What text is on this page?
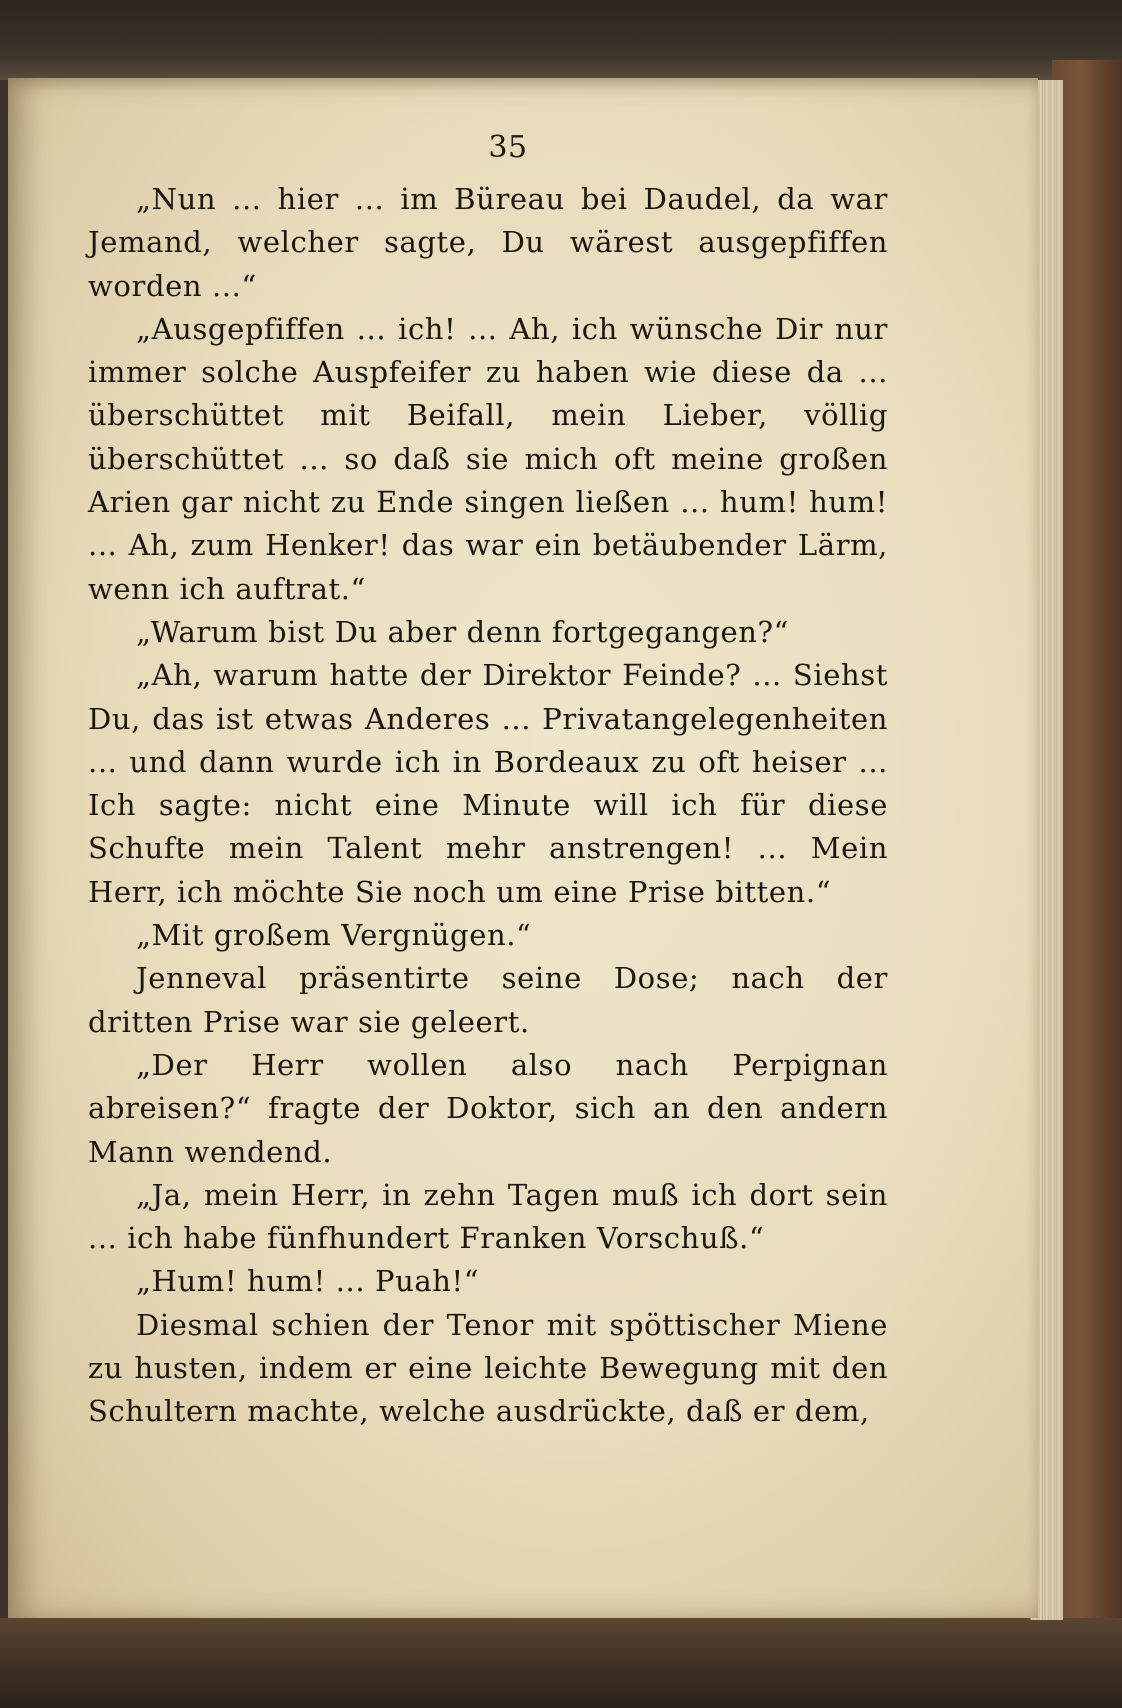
35

„Nun ... hier ... im Büreau bei Daudel, da war Jemand, welcher sagte, Du wärest ausgepfiffen worden ...“

„Ausgepfiffen ... ich! ... Ah, ich wünsche Dir nur immer solche Auspfeifer zu haben wie diese da ... überschüttet mit Beifall, mein Lieber, völlig überschüttet ... so daß sie mich oft meine großen Arien gar nicht zu Ende singen ließen ... hum! hum! ... Ah, zum Henker! das war ein betäubender Lärm, wenn ich auftrat.“

„Warum bist Du aber denn fortgegangen?“

„Ah, warum hatte der Direktor Feinde? ... Siehst Du, das ist etwas Anderes ... Privatangelegenheiten ... und dann wurde ich in Bordeaux zu oft heiser ... Ich sagte: nicht eine Minute will ich für diese Schufte mein Talent mehr anstrengen! ... Mein Herr, ich möchte Sie noch um eine Prise bitten.“

„Mit großem Vergnügen.“

Jenneval präsentirte seine Dose; nach der dritten Prise war sie geleert.

„Der Herr wollen also nach Perpignan abreisen?“ fragte der Doktor, sich an den andern Mann wendend.

„Ja, mein Herr, in zehn Tagen muß ich dort sein ... ich habe fünfhundert Franken Vorschuß.“

„Hum! hum! ... Puah!“

Diesmal schien der Tenor mit spöttischer Miene zu husten, indem er eine leichte Bewegung mit den Schultern machte, welche ausdrückte, daß er dem,
